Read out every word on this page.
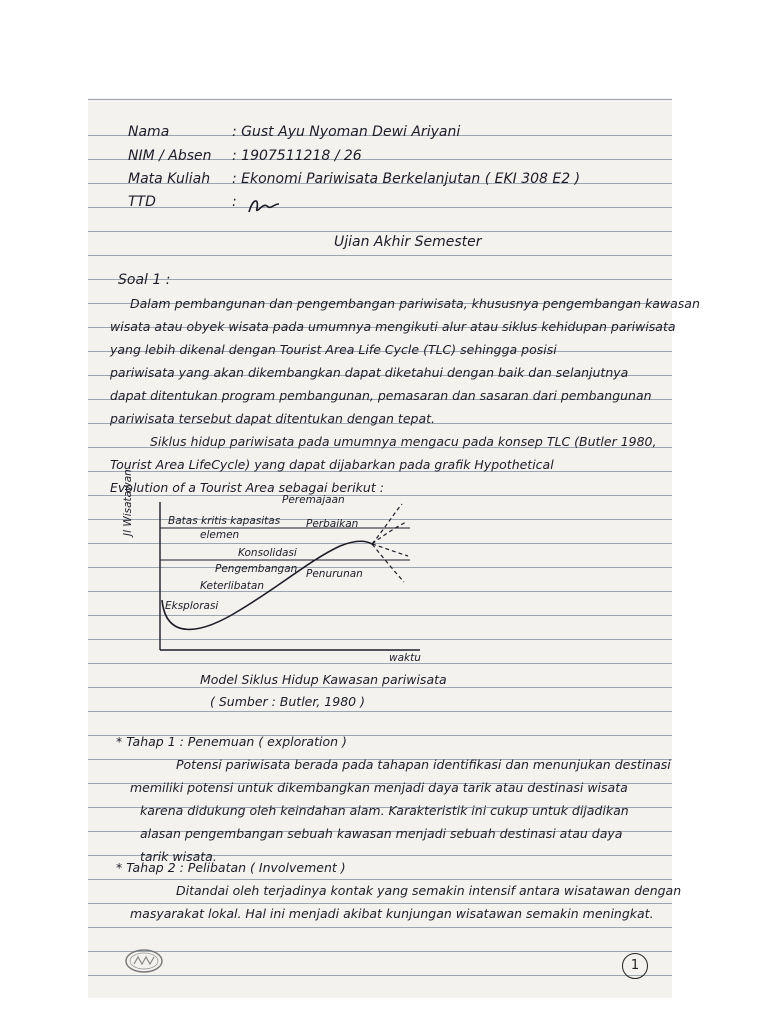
Nama	: Gust Ayu Nyoman Dewi Ariyani
NIM / Absen : 1907511218 / 26
Mata Kuliah : Ekonomi Pariwisata Berkelanjutan ( EKI 308 E2 )
TTD	:
Ujian Akhir Semester
Soal 1 :
Dalam pembangunan dan pengembangan pariwisata, khususnya pengembangan kawasan
wisata atau obyek wisata pada umumnya mengikuti alur atau siklus kehidupan pariwisata
yang lebih dikenal dengan Tourist Area Life Cycle (TLC) sehingga posisi
pariwisata yang akan dikembangkan dapat diketahui dengan baik dan selanjutnya
dapat ditentukan program pembangunan, pemasaran dan sasaran dari pembangunan
pariwisata tersebut dapat ditentukan dengan tepat.
Siklus hidup pariwisata pada umumnya mengacu pada konsep TLC (Butler 1980,
Tourist Area LifeCycle) yang dapat dijabarkan pada grafik Hypothetical
Evolution of a Tourist Area sebagai berikut :
Jl Wisatawan	Peremajaan
Batas kritis kapasitas
elemen
Perbaikan
Konsolidasi
Pengembangan Penurunan
Keterlibatan
Eksplorasi
waktu
Model Siklus Hidup Kawasan pariwisata
( Sumber : Butler, 1980 )
* Tahap 1 : Penemuan ( exploration )
Potensi pariwisata berada pada tahapan identifikasi dan menunjukan destinasi
memiliki potensi untuk dikembangkan menjadi daya tarik atau destinasi wisata
karena didukung oleh keindahan alam. Karakteristik ini cukup untuk dijadikan
alasan pengembangan sebuah kawasan menjadi sebuah destinasi atau daya
tarik wisata.
* Tahap 2 : Pelibatan ( Involvement )
Ditandai oleh terjadinya kontak yang semakin intensif antara wisatawan dengan
masyarakat lokal. Hal ini menjadi akibat kunjungan wisatawan semakin meningkat.
1
